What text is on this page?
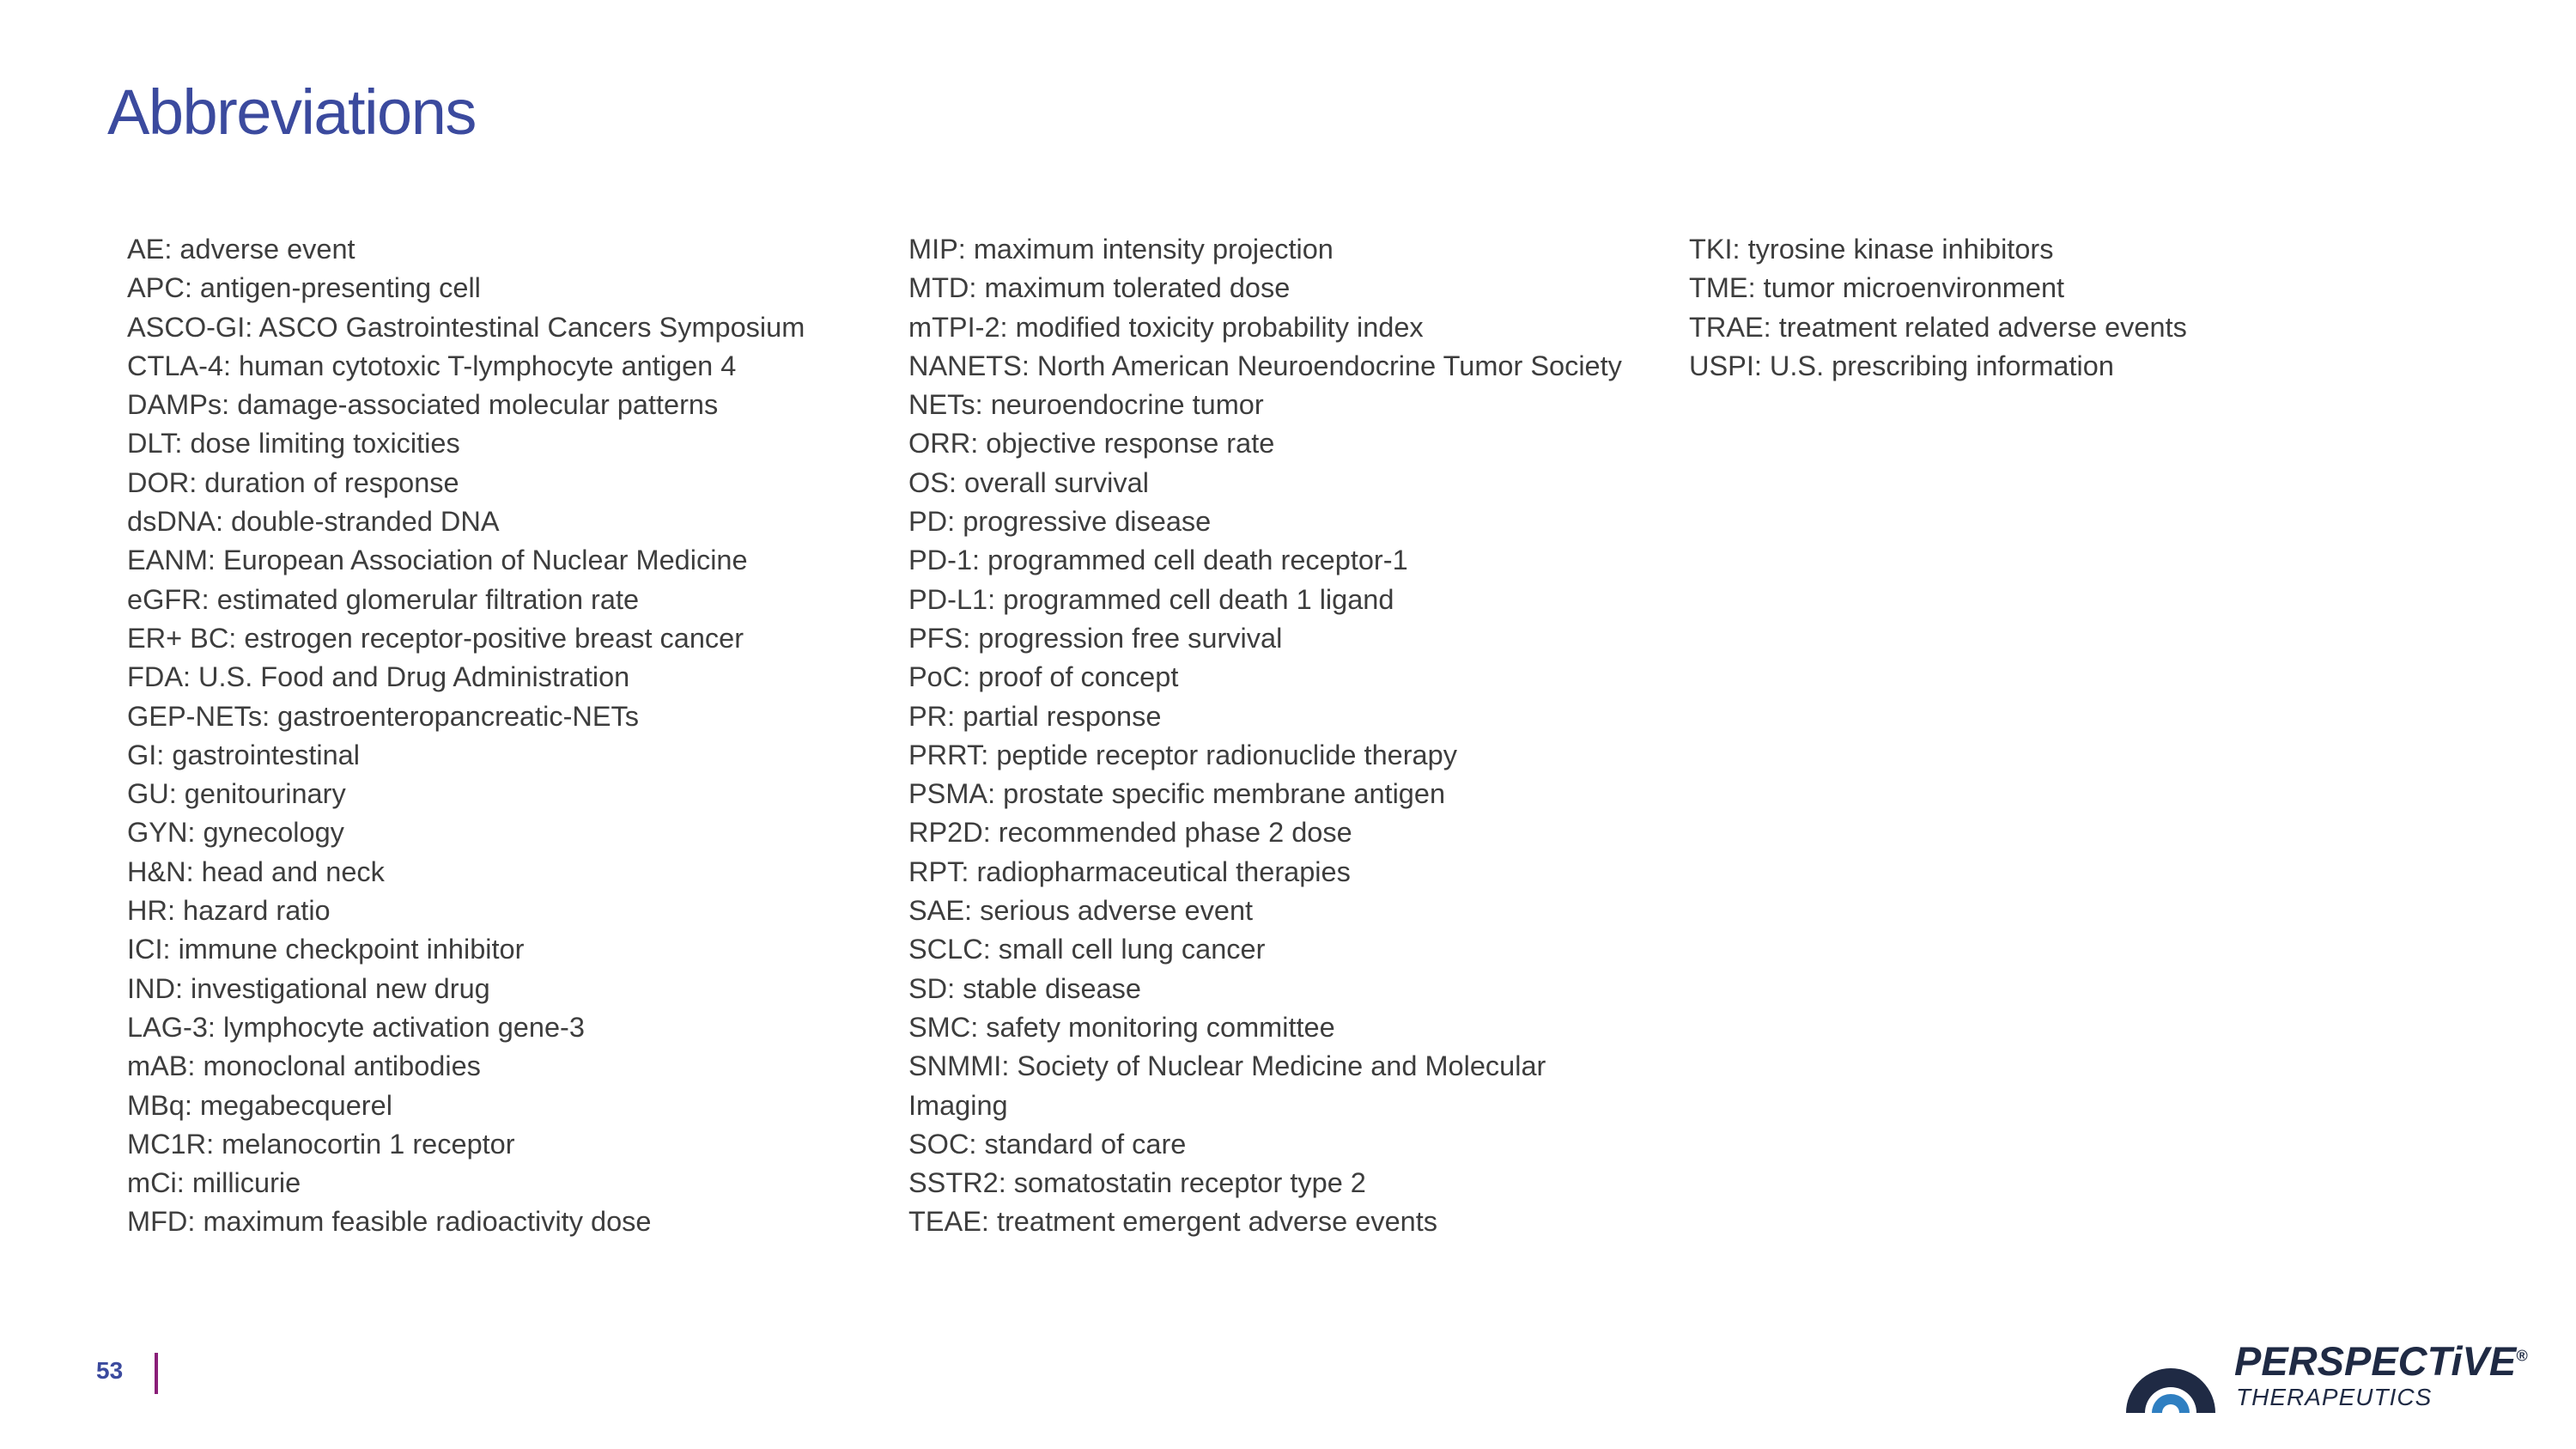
Abbreviations
AE: adverse event
APC: antigen-presenting cell
ASCO-GI: ASCO Gastrointestinal Cancers Symposium
CTLA-4: human cytotoxic T-lymphocyte antigen 4
DAMPs: damage-associated molecular patterns
DLT: dose limiting toxicities
DOR: duration of response
dsDNA: double-stranded DNA
EANM: European Association of Nuclear Medicine
eGFR: estimated glomerular filtration rate
ER+ BC: estrogen receptor-positive breast cancer
FDA: U.S. Food and Drug Administration
GEP-NETs: gastroenteropancreatic-NETs
GI: gastrointestinal
GU: genitourinary
GYN: gynecology
H&N: head and neck
HR: hazard ratio
ICI: immune checkpoint inhibitor
IND: investigational new drug
LAG-3: lymphocyte activation gene-3
mAB: monoclonal antibodies
MBq: megabecquerel
MC1R: melanocortin 1 receptor
mCi: millicurie
MFD: maximum feasible radioactivity dose
MIP: maximum intensity projection
MTD: maximum tolerated dose
mTPI-2: modified toxicity probability index
NANETS: North American Neuroendocrine Tumor Society
NETs: neuroendocrine tumor
ORR: objective response rate
OS: overall survival
PD: progressive disease
PD-1: programmed cell death receptor-1
PD-L1: programmed cell death 1 ligand
PFS: progression free survival
PoC: proof of concept
PR: partial response
PRRT: peptide receptor radionuclide therapy
PSMA: prostate specific membrane antigen
RP2D: recommended phase 2 dose
RPT: radiopharmaceutical therapies
SAE: serious adverse event
SCLC: small cell lung cancer
SD: stable disease
SMC: safety monitoring committee
SNMMI: Society of Nuclear Medicine and Molecular
Imaging
SOC: standard of care
SSTR2: somatostatin receptor type 2
TEAE: treatment emergent adverse events
TKI: tyrosine kinase inhibitors
TME: tumor microenvironment
TRAE: treatment related adverse events
USPI: U.S. prescribing information
53	PERSPECTiVE®
THERAPEUTICS
